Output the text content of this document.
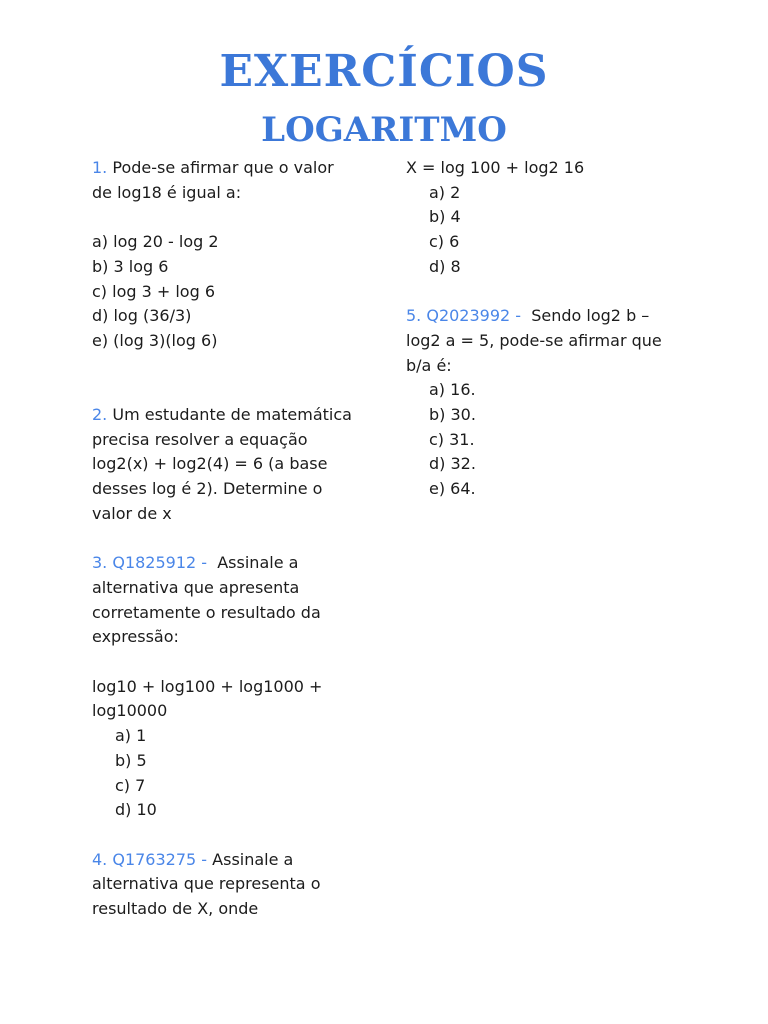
EXERCÍCIOS
LOGARITMO
1. Pode-se afirmar que o valor
de log18 é igual a:
a) log 20 - log 2
b) 3 log 6
c) log 3 + log 6
d) log (36/3)
e) (log 3)(log 6)
2. Um estudante de matemática
precisa resolver a equação
log2(x) + log2(4) = 6 (a base
desses log é 2). Determine o
valor de x
3. Q1825912 - Assinale a
alternativa que apresenta
corretamente o resultado da
expressão:
log10 + log100 + log1000 +
log10000
a) 1
b) 5
c) 7
d) 10
4. Q1763275 - Assinale a
alternativa que representa o
resultado de X, onde
X = log 100 + log2 16
a) 2
b) 4
c) 6
d) 8
5. Q2023992 - Sendo log2 b –
log2 a = 5, pode-se afirmar que
b/a é:
a) 16.
b) 30.
c) 31.
d) 32.
e) 64.
